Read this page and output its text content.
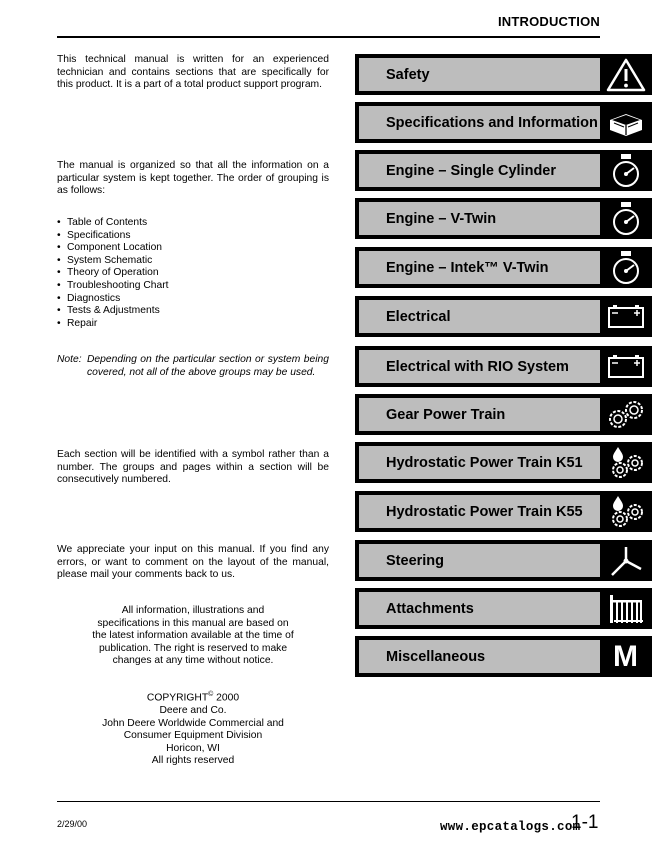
INTRODUCTION
This technical manual is written for an experienced technician and contains sections that are specifically for this product. It is a part of a total product support program.
The manual is organized so that all the information on a particular system is kept together. The order of grouping is as follows:
• Table of Contents
• Specifications
• Component Location
• System Schematic
• Theory of Operation
• Troubleshooting Chart
• Diagnostics
• Tests & Adjustments
• Repair
Note: Depending on the particular section or system being covered, not all of the above groups may be used.
Each section will be identified with a symbol rather than a number. The groups and pages within a section will be consecutively numbered.
We appreciate your input on this manual. If you find any errors, or want to comment on the layout of the manual, please mail your comments back to us.
All information, illustrations and
specifications in this manual are based on
the latest information available at the time of
publication. The right is reserved to make
changes at any time without notice.
COPYRIGHT© 2000
Deere and Co.
John Deere Worldwide Commercial and
Consumer Equipment Division
Horicon, WI
All rights reserved
Safety
Specifications and Information
Engine – Single Cylinder
Engine – V-Twin
Engine – Intek™ V-Twin
Electrical
Electrical with RIO System
Gear Power Train
Hydrostatic Power Train K51
Hydrostatic Power Train K55
Steering
Attachments
Miscellaneous	M
2/29/00	1-1
www.epcatalogs.com
